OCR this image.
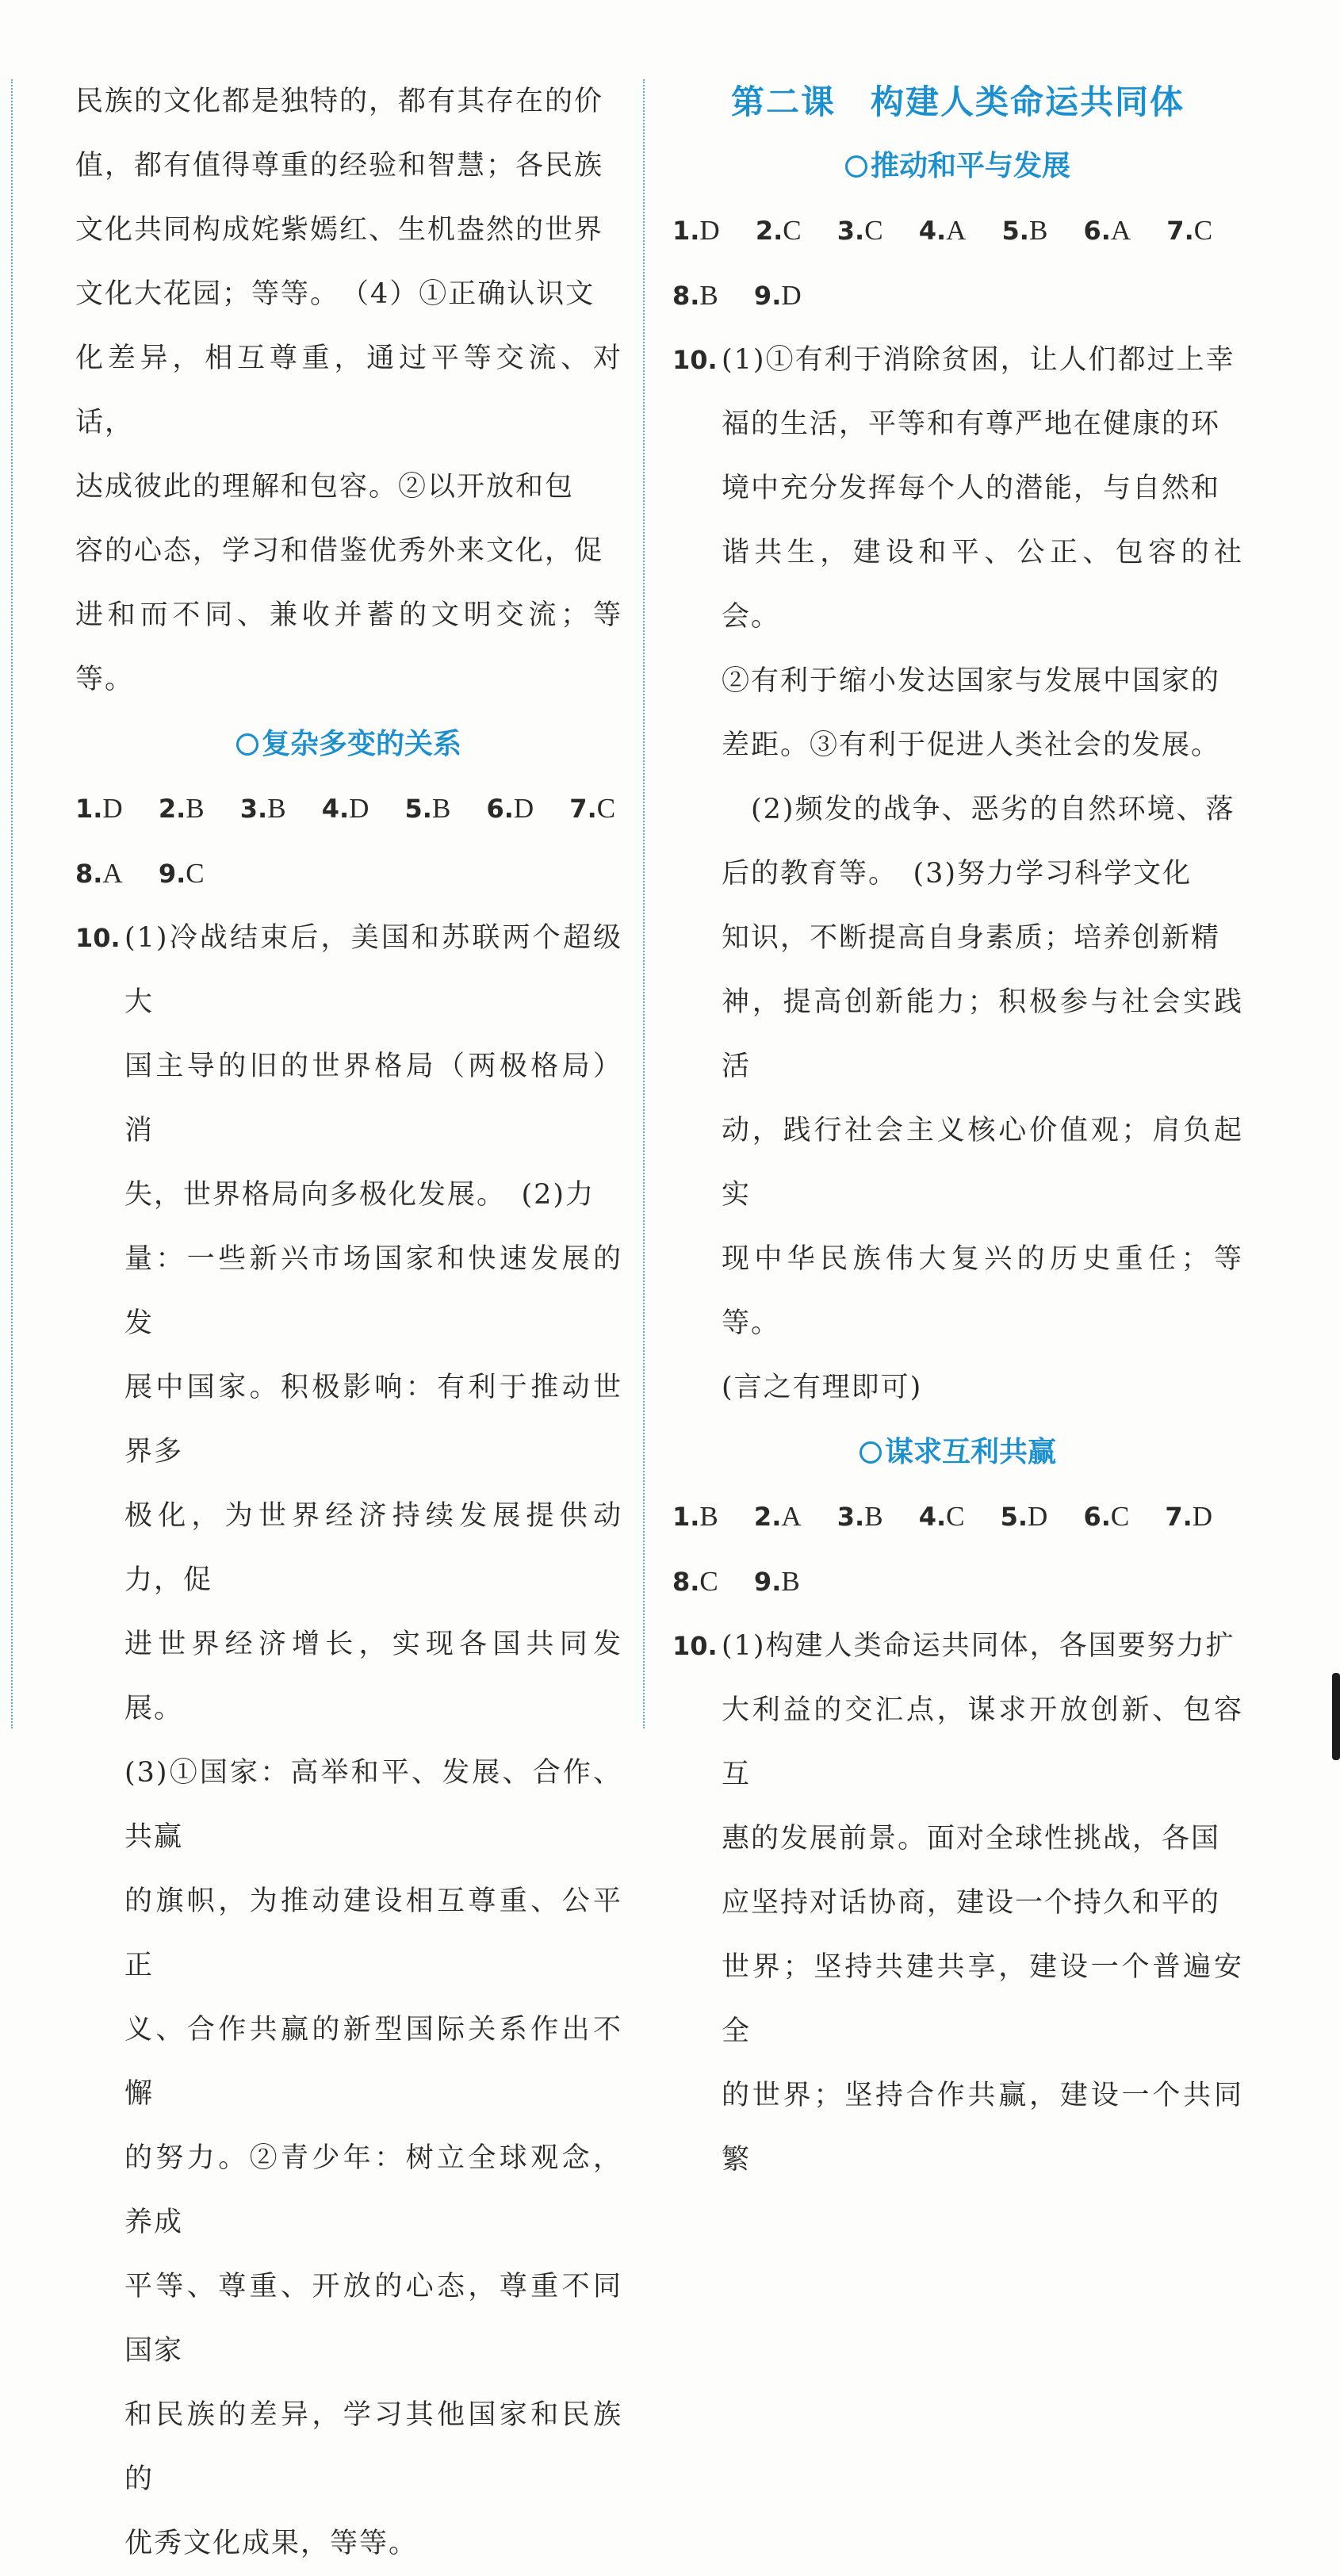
民族的文化都是独特的，都有其存在的价

值，都有值得尊重的经验和智慧；各民族

文化共同构成姹紫嫣红、生机盎然的世界

文化大花园；等等。　（4）①正确认识文

化差异，相互尊重，通过平等交流、对话，

达成彼此的理解和包容。②以开放和包

容的心态，学习和借鉴优秀外来文化，促

进和而不同、兼收并蓄的文明交流；等等。

复杂多变的关系

1.D 2.B 3.B 4.D 5.B 6.D 7.C

8.A 9.C

10. (1)冷战结束后，美国和苏联两个超级大

国主导的旧的世界格局（两极格局）消

失，世界格局向多极化发展。　(2)力

量：一些新兴市场国家和快速发展的发

展中国家。积极影响：有利于推动世界多

极化，为世界经济持续发展提供动力，促

进世界经济增长，实现各国共同发展。

(3)①国家：高举和平、发展、合作、共赢

的旗帜，为推动建设相互尊重、公平正

义、合作共赢的新型国际关系作出不懈

的努力。②青少年：树立全球观念，养成

平等、尊重、开放的心态，尊重不同国家

和民族的差异，学习其他国家和民族的

优秀文化成果，等等。

第二课 构建人类命运共同体
推动和平与发展

1.D 2.C 3.C 4.A 5.B 6.A 7.C

8.B 9.D

10. (1)①有利于消除贫困，让人们都过上幸

福的生活，平等和有尊严地在健康的环

境中充分发挥每个人的潜能，与自然和

谐共生，建设和平、公正、包容的社会。

②有利于缩小发达国家与发展中国家的

差距。③有利于促进人类社会的发展。

　(2)频发的战争、恶劣的自然环境、落

后的教育等。　(3)努力学习科学文化

知识，不断提高自身素质；培养创新精

神，提高创新能力；积极参与社会实践活

动，践行社会主义核心价值观；肩负起实

现中华民族伟大复兴的历史重任；等等。

(言之有理即可)

谋求互利共赢

1.B 2.A 3.B 4.C 5.D 6.C 7.D

8.C 9.B

10. (1)构建人类命运共同体，各国要努力扩

大利益的交汇点，谋求开放创新、包容互

惠的发展前景。面对全球性挑战，各国

应坚持对话协商，建设一个持久和平的

世界；坚持共建共享，建设一个普遍安全

的世界；坚持合作共赢，建设一个共同繁
